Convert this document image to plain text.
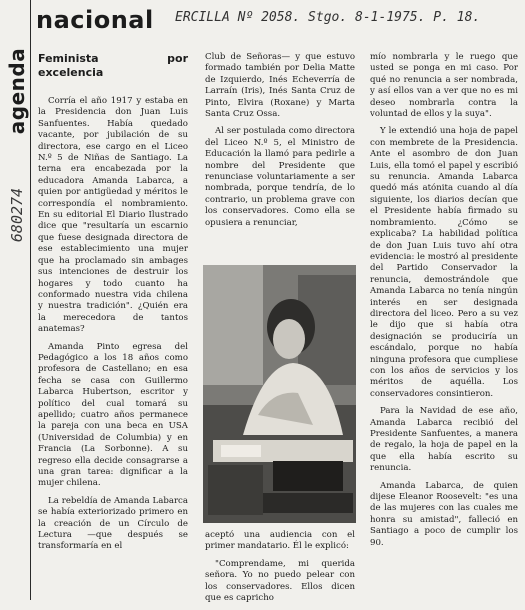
agenda
680274
nacional ERCILLA Nº 2058. Stgo. 8-1-1975. P. 18.
Feminista por excelencia

Corría el año 1917 y estaba en la Presidencia don Juan Luis Sanfuentes. Había quedado vacante, por jubilación de su directora, ese cargo en el Liceo N.º 5 de Niñas de Santiago. La terna era encabezada por la educadora Amanda Labarca, a quien por antigüedad y méritos le correspondía el nombramiento. En su editorial El Diario Ilustrado dice que "resultaría un escarnio que fuese designada directora de ese establecimiento una mujer que ha proclamado sin ambages sus intenciones de destruir los hogares y todo cuanto ha conformado nuestra vida chilena y nuestra tradición". ¿Quién era la merecedora de tantos anatemas?

Amanda Pinto egresa del Pedagógico a los 18 años como profesora de Castellano; en esa fecha se casa con Guillermo Labarca Hubertson, escritor y político del cual tomará su apellido; cuatro años permanece la pareja con una beca en USA (Universidad de Columbia) y en Francia (La Sorbonne). A su regreso ella decide consagrarse a una gran tarea: dignificar a la mujer chilena.

La rebeldía de Amanda Labarca se había exteriorizado primero en la creación de un Círculo de Lectura —que después se transformaría en el

Club de Señoras— y que estuvo formado también por Delia Matte de Izquierdo, Inés Echeverría de Larraín (Iris), Inés Santa Cruz de Pinto, Elvira (Roxane) y Marta Santa Cruz Ossa.

Al ser postulada como directora del Liceo N.º 5, el Ministro de Educación la llamó para pedirle a nombre del Presidente que renunciase voluntariamente a ser nombrada, porque tendría, de lo contrario, un problema grave con los conservadores. Como ella se opusiera a renunciar,

aceptó una audiencia con el primer mandatario. Él le explicó:

"Comprendame, mi querida señora. Yo no puedo pelear con los conservadores. Ellos dicen que es capricho

mío nombrarla y le ruego que usted se ponga en mi caso. Por qué no renuncia a ser nombrada, y así ellos van a ver que no es mi deseo nombrarla contra la voluntad de ellos y la suya".

Y le extendió una hoja de papel con membrete de la Presidencia. Ante el asombro de don Juan Luis, ella tomó el papel y escribió su renuncia. Amanda Labarca quedó más atónita cuando al día siguiente, los diarios decían que el Presidente había firmado su nombramiento. ¿Cómo se explicaba? La habilidad política de don Juan Luis tuvo ahí otra evidencia: le mostró al presidente del Partido Conservador la renuncia, demostrándole que Amanda Labarca no tenía ningún interés en ser designada directora del liceo. Pero a su vez le dijo que si había otra designación se produciría un escándalo, porque no había ninguna profesora que cumpliese con los años de servicios y los méritos de aquélla. Los conservadores consintieron.

Para la Navidad de ese año, Amanda Labarca recibió del Presidente Sanfuentes, a manera de regalo, la hoja de papel en la que ella había escrito su renuncia.

Amanda Labarca, de quien dijese Eleanor Roosevelt: "es una de las mujeres con las cuales me honra su amistad", falleció en Santiago a poco de cumplir los 90.
